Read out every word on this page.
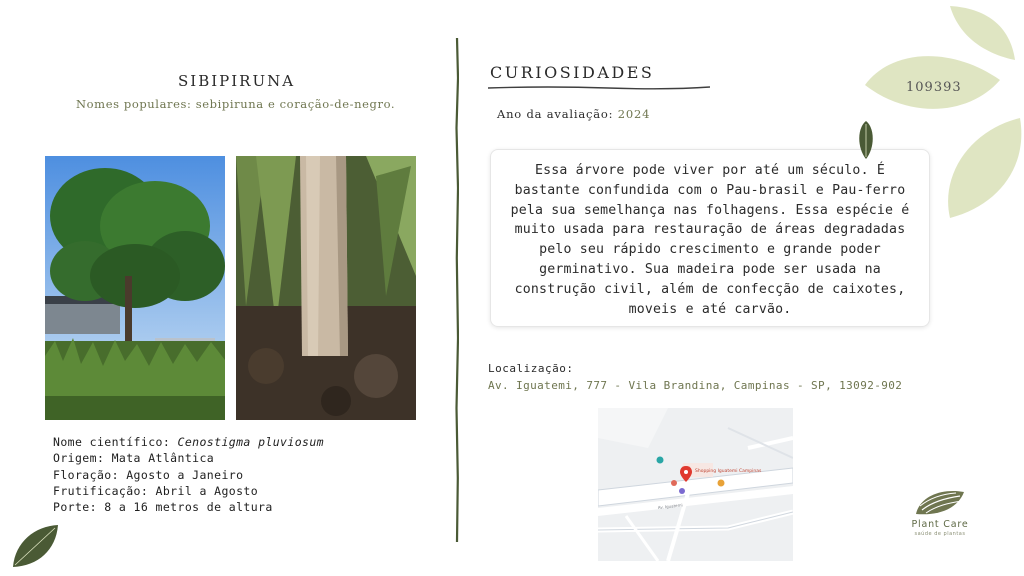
SIBIPIRUNA
Nomes populares: sebipiruna e coração-de-negro.
Nome científico: Cenostigma pluviosum
Origem: Mata Atlântica
Floração: Agosto a Janeiro
Frutificação: Abril a Agosto
Porte: 8 a 16 metros de altura
CURIOSIDADES
Ano da avaliação: 2024
Essa árvore pode viver por até um século. É bastante confundida com o Pau-brasil e Pau-ferro pela sua semelhança nas folhagens. Essa espécie é muito usada para restauração de áreas degradadas pelo seu rápido crescimento e grande poder germinativo. Sua madeira pode ser usada na construção civil, além de confecção de caixotes, moveis e até carvão.
Localização:
Av. Iguatemi, 777 - Vila Brandina, Campinas - SP, 13092-902
Shopping Iguatemi Campinas
Av. Iguatemi
109393
Plant Care
saúde de plantas
